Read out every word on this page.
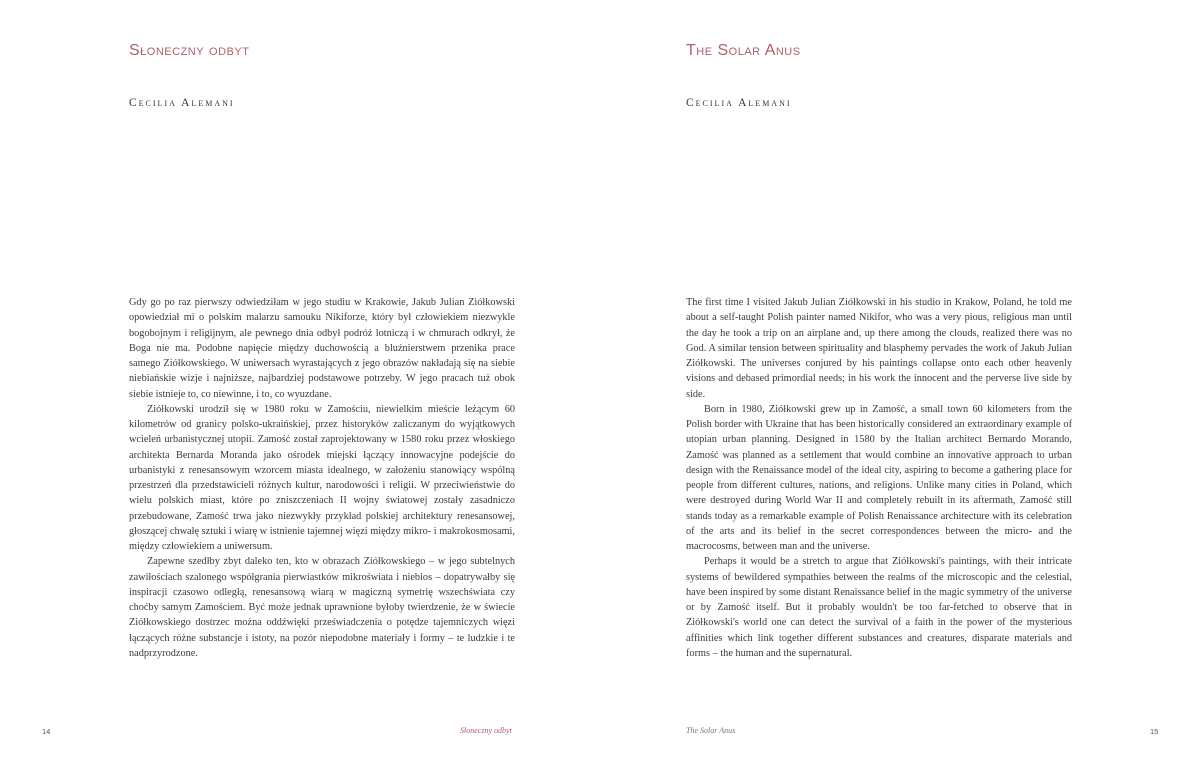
Słoneczny odbyt
Cecilia Alemani

Gdy go po raz pierwszy odwiedziłam w jego studiu w Krakowie, Jakub Julian Ziółkowski opowiedział mi o polskim malarzu samouku Nikiforze, który był człowiekiem niezwykle bogobojnym i religijnym, ale pewnego dnia odbył podróż lotniczą i w chmurach odkrył, że Boga nie ma. Podobne napięcie między duchowością a bluźnierstwem przenika prace samego Ziółkowskiego. W uniwersach wyrastających z jego obrazów nakładają się na siebie niebiańskie wizje i najniższe, najbardziej podstawowe potrzeby. W jego pracach tuż obok siebie istnieje to, co niewinne, i to, co wyuzdane.

Ziółkowski urodził się w 1980 roku w Zamościu, niewielkim mieście leżącym 60 kilometrów od granicy polsko-ukraińskiej, przez historyków zaliczanym do wyjątkowych wcieleń urbanistycznej utopii. Zamość został zaprojektowany w 1580 roku przez włoskiego architekta Bernarda Moranda jako ośrodek miejski łączący innowacyjne podejście do urbanistyki z renesansowym wzorcem miasta idealnego, w założeniu stanowiący wspólną przestrzeń dla przedstawicieli różnych kultur, narodowości i religii. W przeciwieństwie do wielu polskich miast, które po zniszczeniach II wojny światowej zostały zasadniczo przebudowane, Zamość trwa jako niezwykły przykład polskiej architektury renesansowej, głoszącej chwałę sztuki i wiarę w istnienie tajemnej więzi między mikro- i makrokosmosami, między człowiekiem a uniwersum.

Zapewne szedłby zbyt daleko ten, kto w obrazach Ziółkowskiego – w jego subtelnych zawiłościach szalonego współgrania pierwiastków mikroświata i niebios – dopatrywałby się inspiracji czasowo odległą, renesansową wiarą w magiczną symetrię wszechświata czy choćby samym Zamościem. Być może jednak uprawnione byłoby twierdzenie, że w świecie Ziółkowskiego dostrzec można oddźwięki przeświadczenia o potędze tajemniczych więzi łączących różne substancje i istoty, na pozór niepodobne materiały i formy – te ludzkie i te nadprzyrodzone.

14	Słoneczny odbyt
The Solar Anus
Cecilia Alemani

The first time I visited Jakub Julian Ziółkowski in his studio in Krakow, Poland, he told me about a self-taught Polish painter named Nikifor, who was a very pious, religious man until the day he took a trip on an airplane and, up there among the clouds, realized there was no God. A similar tension between spirituality and blasphemy pervades the work of Jakub Julian Ziółkowski. The universes conjured by his paintings collapse onto each other heavenly visions and debased primordial needs; in his work the innocent and the perverse live side by side.

Born in 1980, Ziółkowski grew up in Zamość, a small town 60 kilometers from the Polish border with Ukraine that has been historically considered an extraordinary example of utopian urban planning. Designed in 1580 by the Italian architect Bernardo Morando, Zamość was planned as a settlement that would combine an innovative approach to urban design with the Renaissance model of the ideal city, aspiring to become a gathering place for people from different cultures, nations, and religions. Unlike many cities in Poland, which were destroyed during World War II and completely rebuilt in its aftermath, Zamość still stands today as a remarkable example of Polish Renaissance architecture with its celebration of the arts and its belief in the secret correspondences between the micro- and the macrocosms, between man and the universe.

Perhaps it would be a stretch to argue that Ziółkowski's paintings, with their intricate systems of bewildered sympathies between the realms of the microscopic and the celestial, have been inspired by some distant Renaissance belief in the magic symmetry of the universe or by Zamość itself. But it probably wouldn't be too far-fetched to observe that in Ziółkowski's world one can detect the survival of a faith in the power of the mysterious affinities which link together different substances and creatures, disparate materials and forms – the human and the supernatural.

The Solar Anus	15
